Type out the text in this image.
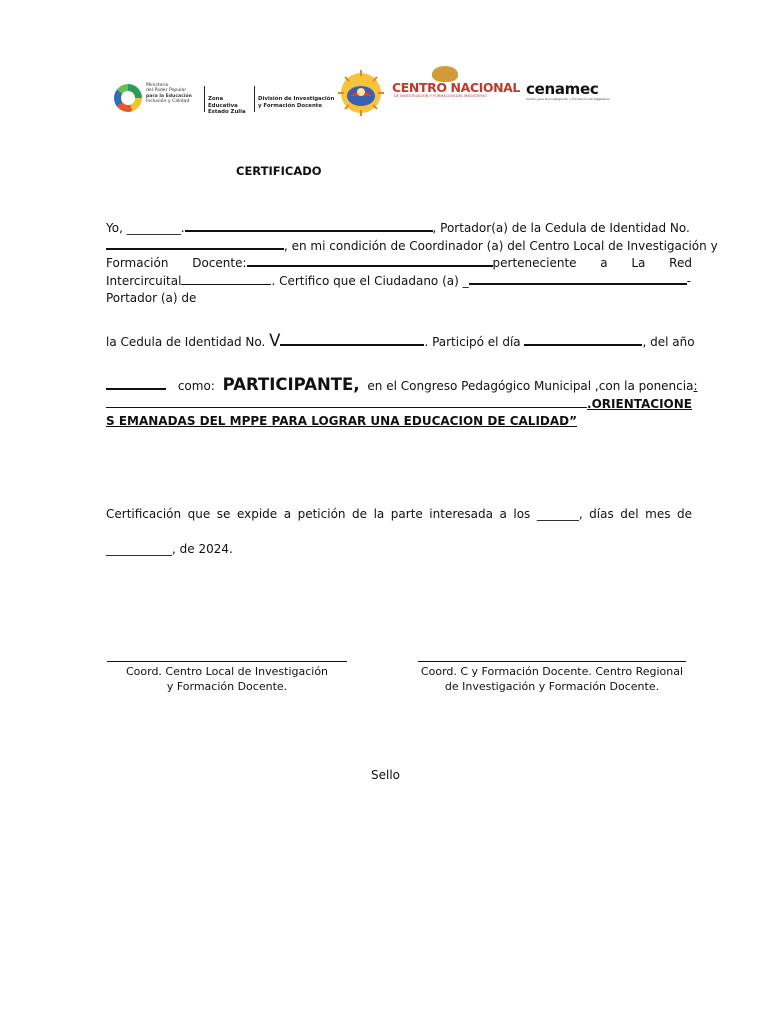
Ministerio
del Poder Popular
para la Educación
Inclusión y Calidad	Zona Educativa
Estado Zulia
División de Investigación
y Formación Docente
CENTRO NACIONAL
DE INVESTIGACIÓN Y FORMACIÓN DEL MAGISTERIO	cenamec
Centro para la Investigación y Formación del Magisterio
CERTIFICADO
Yo, _________.	, Portador(a) de la Cedula de Identidad No.
, en mi condición de Coordinador (a) del Centro Local de Investigación y
Formación Docente:	perteneciente a La Red
Intercircuital	. Certifico que el Ciudadano (a) _	-
Portador (a) de
la Cedula de Identidad No. V	. Participó el día	, del año
como: PARTICIPANTE, en el Congreso Pedagógico Municipal , con la ponencia:
.ORIENTACIONE
S EMANADAS DEL MPPE PARA LOGRAR UNA EDUCACION DE CALIDAD”
Certificación que se expide a petición de la parte interesada a los _______, días del mes de
___________, de 2024.
Coord. Centro Local de Investigación
y Formación Docente.
Coord. C y Formación Docente. Centro Regional
de Investigación y Formación Docente.
Sello
